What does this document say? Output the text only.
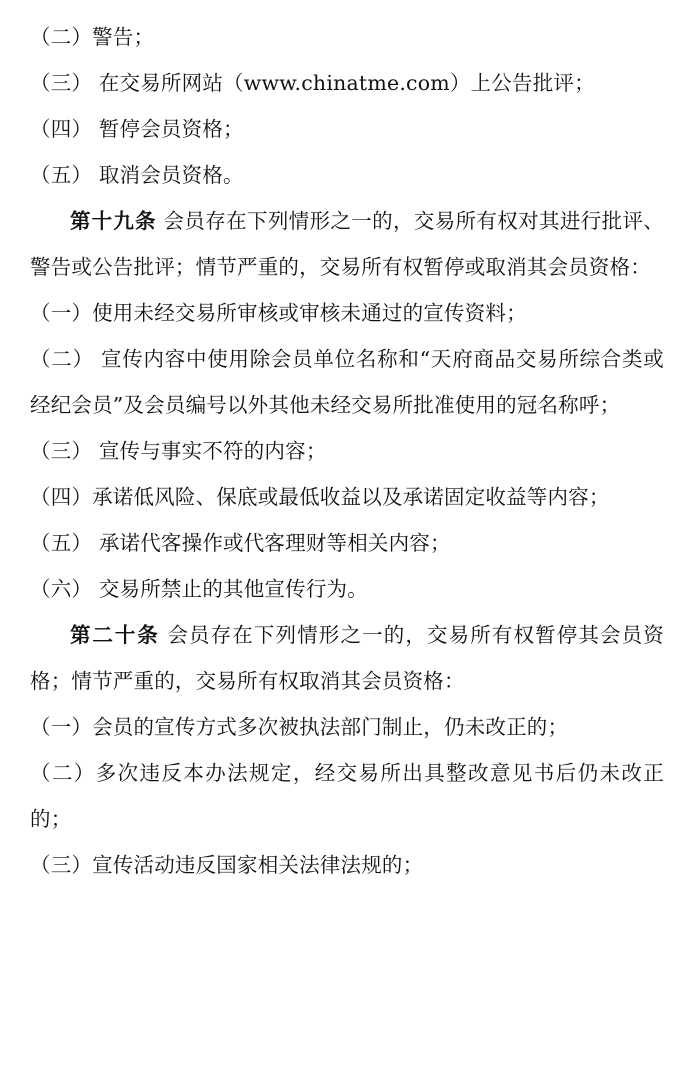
（二）警告；

（三） 在交易所网站（www.chinatme.com）上公告批评；

（四） 暂停会员资格；

（五） 取消会员资格。

第十九条 会员存在下列情形之一的，交易所有权对其进行批评、警告或公告批评；情节严重的，交易所有权暂停或取消其会员资格：

（一）使用未经交易所审核或审核未通过的宣传资料；

（二） 宣传内容中使用除会员单位名称和“天府商品交易所综合类或经纪会员”及会员编号以外其他未经交易所批准使用的冠名称呼；

（三） 宣传与事实不符的内容；

（四）承诺低风险、保底或最低收益以及承诺固定收益等内容；

（五） 承诺代客操作或代客理财等相关内容；

（六） 交易所禁止的其他宣传行为。

第二十条 会员存在下列情形之一的，交易所有权暂停其会员资格；情节严重的，交易所有权取消其会员资格：

（一）会员的宣传方式多次被执法部门制止，仍未改正的；

（二）多次违反本办法规定，经交易所出具整改意见书后仍未改正的；

（三）宣传活动违反国家相关法律法规的；
